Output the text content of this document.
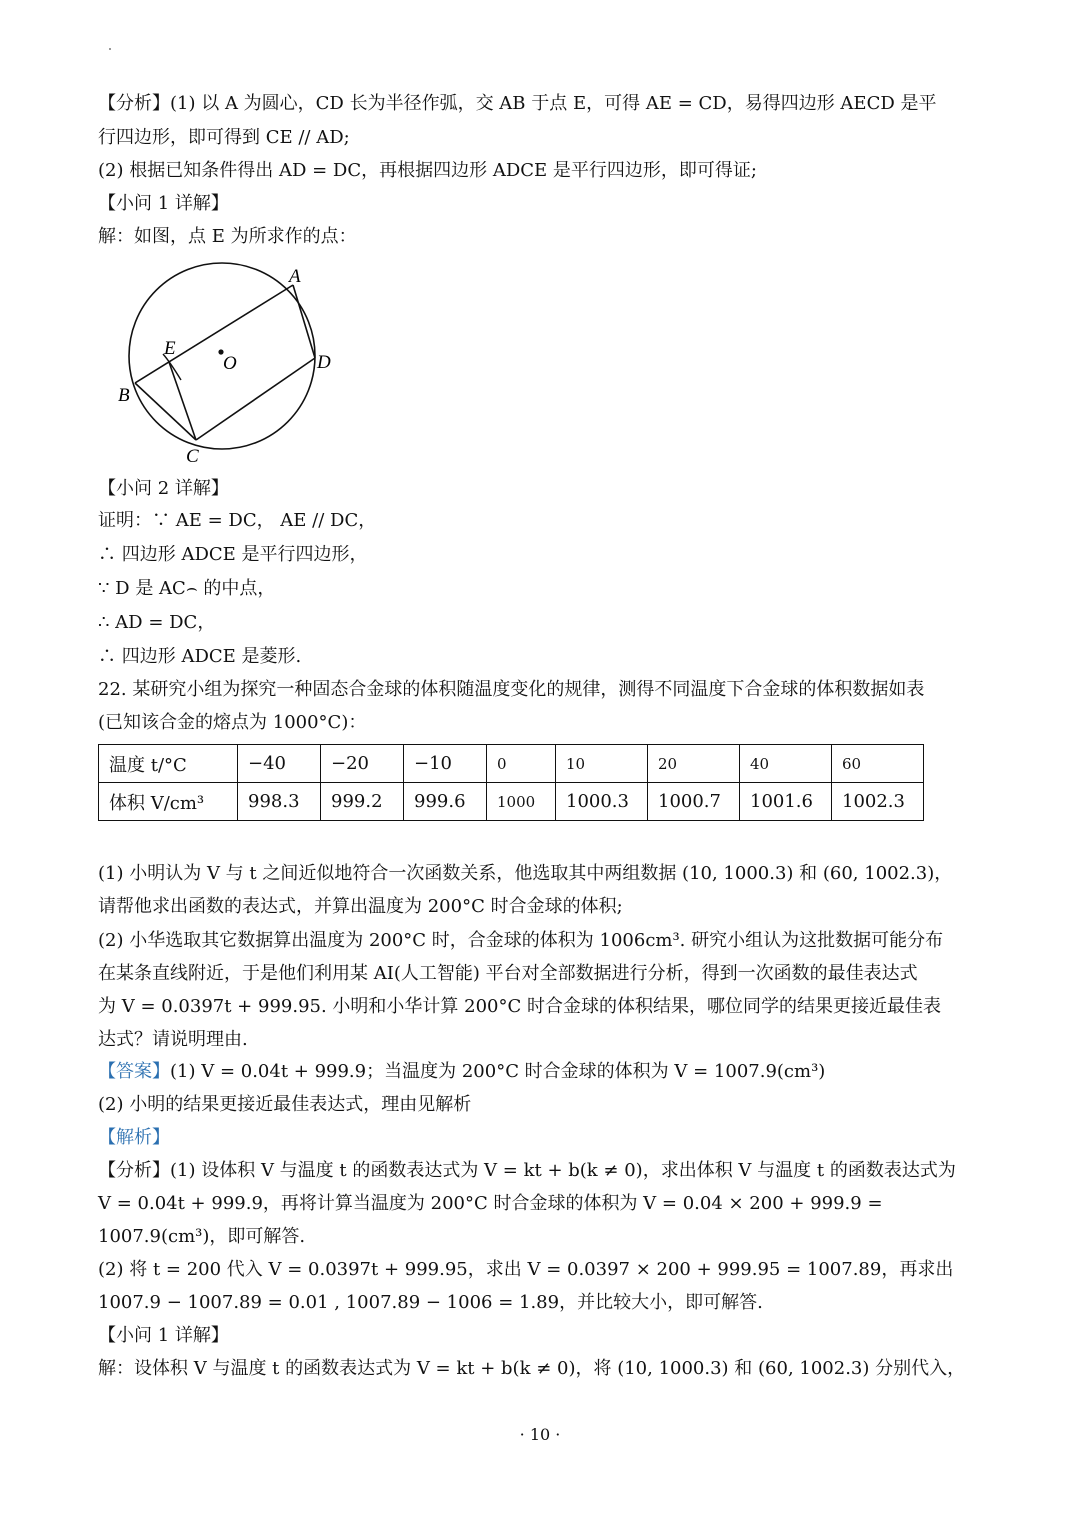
【分析】(1) 以 A 为圆心，CD 长为半径作弧，交 AB 于点 E，可得 AE = CD，易得四边形 AECD 是平
行四边形，即可得到 CE // AD;
(2) 根据已知条件得出 AD = DC，再根据四边形 ADCE 是平行四边形，即可得证;
【小问 1 详解】
解：如图，点 E 为所求作的点：
A
B
C
D
E
O
【小问 2 详解】
证明：∵ AE = DC， AE // DC，
∴ 四边形 ADCE 是平行四边形，
∵ D 是 AC⌢ 的中点，
∴ AD = DC，
∴ 四边形 ADCE 是菱形.
22. 某研究小组为探究一种固态合金球的体积随温度变化的规律，测得不同温度下合金球的体积数据如表
(已知该合金的熔点为 1000°C)：
温度 t/°C	−40	−20	−10	0	10	20	40	60
体积 V/cm³	998.3	999.2	999.6	1000	1000.3	1000.7	1001.6	1002.3
(1) 小明认为 V 与 t 之间近似地符合一次函数关系，他选取其中两组数据 (10, 1000.3) 和 (60, 1002.3)，
请帮他求出函数的表达式，并算出温度为 200°C 时合金球的体积;
(2) 小华选取其它数据算出温度为 200°C 时，合金球的体积为 1006cm³. 研究小组认为这批数据可能分布
在某条直线附近，于是他们利用某 AI(人工智能) 平台对全部数据进行分析，得到一次函数的最佳表达式
为 V = 0.0397t + 999.95. 小明和小华计算 200°C 时合金球的体积结果，哪位同学的结果更接近最佳表
达式？请说明理由.
【答案】(1) V = 0.04t + 999.9；当温度为 200°C 时合金球的体积为 V = 1007.9(cm³)
(2) 小明的结果更接近最佳表达式，理由见解析
【解析】
【分析】(1) 设体积 V 与温度 t 的函数表达式为 V = kt + b(k ≠ 0)，求出体积 V 与温度 t 的函数表达式为
V = 0.04t + 999.9，再将计算当温度为 200°C 时合金球的体积为 V = 0.04 × 200 + 999.9 =
1007.9(cm³)，即可解答.
(2) 将 t = 200 代入 V = 0.0397t + 999.95，求出 V = 0.0397 × 200 + 999.95 = 1007.89，再求出
1007.9 − 1007.89 = 0.01 , 1007.89 − 1006 = 1.89，并比较大小，即可解答.
【小问 1 详解】
解：设体积 V 与温度 t 的函数表达式为 V = kt + b(k ≠ 0)，将 (10, 1000.3) 和 (60, 1002.3) 分别代入，
· 10 ·
